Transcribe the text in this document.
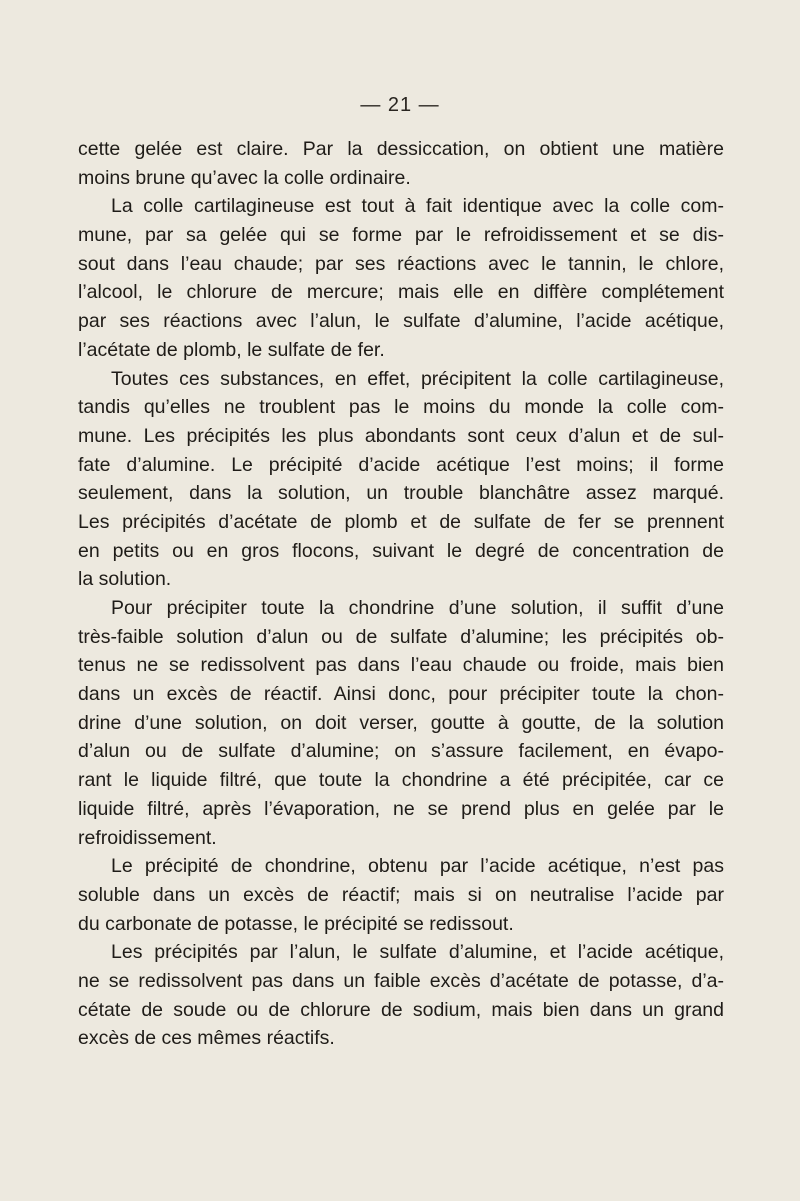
— 21 —
cette gelée est claire. Par la dessiccation, on obtient une matière
moins brune qu’avec la colle ordinaire.
La colle cartilagineuse est tout à fait identique avec la colle com-
mune, par sa gelée qui se forme par le refroidissement et se dis-
sout dans l’eau chaude; par ses réactions avec le tannin, le chlore,
l’alcool, le chlorure de mercure; mais elle en diffère complétement
par ses réactions avec l’alun, le sulfate d’alumine, l’acide acétique,
l’acétate de plomb, le sulfate de fer.
Toutes ces substances, en effet, précipitent la colle cartilagineuse,
tandis qu’elles ne troublent pas le moins du monde la colle com-
mune. Les précipités les plus abondants sont ceux d’alun et de sul-
fate d’alumine. Le précipité d’acide acétique l’est moins; il forme
seulement, dans la solution, un trouble blanchâtre assez marqué.
Les précipités d’acétate de plomb et de sulfate de fer se prennent
en petits ou en gros flocons, suivant le degré de concentration de
la solution.
Pour précipiter toute la chondrine d’une solution, il suffit d’une
très-faible solution d’alun ou de sulfate d’alumine; les précipités ob-
tenus ne se redissolvent pas dans l’eau chaude ou froide, mais bien
dans un excès de réactif. Ainsi donc, pour précipiter toute la chon-
drine d’une solution, on doit verser, goutte à goutte, de la solution
d’alun ou de sulfate d’alumine; on s’assure facilement, en évapo-
rant le liquide filtré, que toute la chondrine a été précipitée, car ce
liquide filtré, après l’évaporation, ne se prend plus en gelée par le
refroidissement.
Le précipité de chondrine, obtenu par l’acide acétique, n’est pas
soluble dans un excès de réactif; mais si on neutralise l’acide par
du carbonate de potasse, le précipité se redissout.
Les précipités par l’alun, le sulfate d’alumine, et l’acide acétique,
ne se redissolvent pas dans un faible excès d’acétate de potasse, d’a-
cétate de soude ou de chlorure de sodium, mais bien dans un grand
excès de ces mêmes réactifs.
